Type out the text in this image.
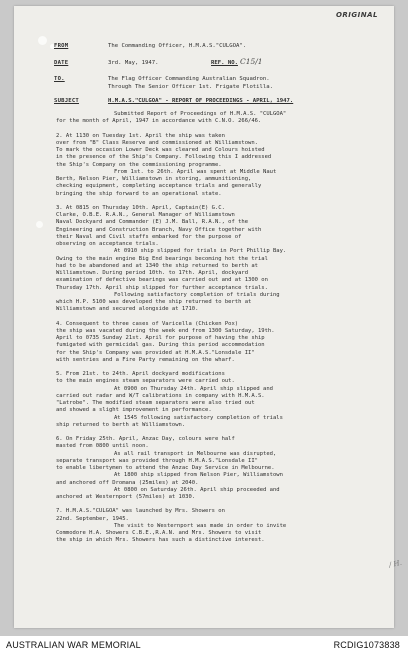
ORIGINAL
FROM	The Commanding Officer, H.M.A.S."CULGOA".
DATE	3rd. May, 1947.	REF. NO. C15/1
TO.	The Flag Officer Commanding Australian Squadron.
Through The Senior Officer 1st. Frigate Flotilla.
SUBJECT	H.M.A.S."CULGOA" - REPORT OF PROCEEDINGS - APRIL, 1947.
Submitted Report of Proceedings of H.M.A.S. "CULGOA"
for the month of April, 1947 in accordance with C.N.O. 266/46.
2. At 1130 on Tuesday 1st. April the ship was taken
over from "B" Class Reserve and commissioned at Williamstown.
To mark the occasion Lower Deck was cleared and Colours hoisted
in the presence of the Ship's Company. Following this I addressed
the Ship's Company on the commissioning programme.
From 1st. to 26th. April was spent at Middle Naut
Berth, Nelson Pier, Williamstown in storing, ammunitioning,
checking equipment, completing acceptance trials and generally
bringing the ship forward to an operational state.
3. At 0815 on Thursday 10th. April, Captain(E) G.C.
Clarke, O.B.E. R.A.N., General Manager of Williamstown
Naval Dockyard and Commander (E) J.M. Ball, R.A.N., of the
Engineering and Construction Branch, Navy Office together with
their Naval and Civil staffs embarked for the purpose of
observing on acceptance trials.
At 0910 ship slipped for trials in Port Phillip Bay.
Owing to the main engine Big End bearings becoming hot the trial
had to be abandoned and at 1340 the ship returned to berth at
Williamstown. During period 10th. to 17th. April, dockyard
examination of defective bearings was carried out and at 1300 on
Thursday 17th. April ship slipped for further acceptance trials.
Following satisfactory completion of trials during
which H.P. 5100 was developed the ship returned to berth at
Williamstown and secured alongside at 1710.
4. Consequent to three cases of Varicella (Chicken Pox)
the ship was vacated during the week end from 1300 Saturday, 19th.
April to 0735 Sunday 21st. April for purpose of having the ship
fumigated with germicidal gas. During this period accommodation
for the Ship's Company was provided at H.M.A.S."Lonsdale II"
with sentries and a Fire Party remaining on the wharf.
5. From 21st. to 24th. April dockyard modifications
to the main engines steam separators were carried out.
At 0900 on Thursday 24th. April ship slipped and
carried out radar and W/T calibrations in company with H.M.A.S.
"Latrobe". The modified steam separators were also tried out
and showed a slight improvement in performance.
At 1545 following satisfactory completion of trials
ship returned to berth at Williamstown.
6. On Friday 25th. April, Anzac Day, colours were half
masted from 0800 until noon.
As all rail transport in Melbourne was disrupted,
separate transport was provided through H.M.A.S."Lonsdale II"
to enable libertymen to attend the Anzac Day Service in Melbourne.
At 1800 ship slipped from Nelson Pier, Williamstown
and anchored off Dromana (25miles) at 2040.
At 0800 on Saturday 26th. April ship proceeded and
anchored at Westernport (57miles) at 1030.
7. H.M.A.S."CULGOA" was launched by Mrs. Showers on
22nd. September, 1945.
The visit to Westernport was made in order to invite
Commodore H.A. Showers C.B.E.,R.A.N. and Mrs. Showers to visit
the ship in which Mrs. Showers has such a distinctive interest.
/ H.
AUSTRALIAN WAR MEMORIAL	RCDIG1073838
